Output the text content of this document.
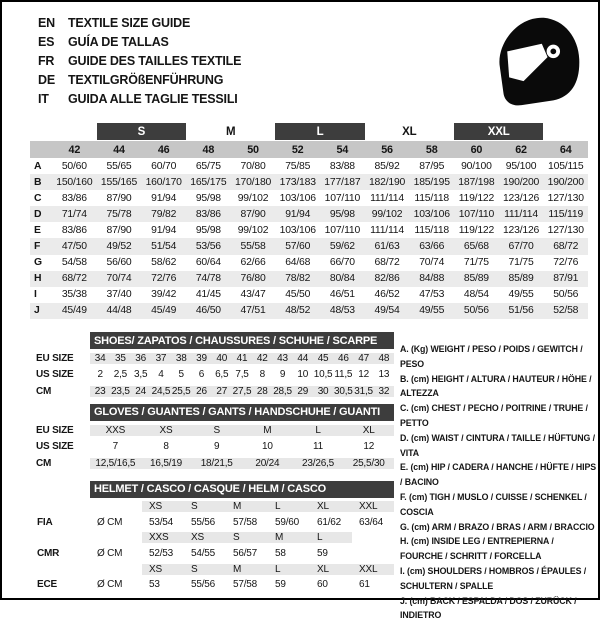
EN	TEXTILE SIZE GUIDE
ES	GUÍA DE TALLAS
FR	GUIDE DES TAILLES TEXTILE
DE	TEXTILGRÖßENFÜHRUNG
IT	GUIDA ALLE TAGLIE TESSILI
S	M	L	XL	XXL
42	44	46	48	50	52	54	56	58	60	62	64
A	50/60	55/65	60/70	65/75	70/80	75/85	83/88	85/92	87/95	90/100	95/100	105/115
B	150/160 155/165 160/170 165/175 170/180 173/183 177/187 182/190 185/195 187/198 190/200 190/200
C	83/86	87/90	91/94	95/98	99/102	103/106 107/110 111/114	115/118 119/122 123/126 127/130
D	71/74	75/78	79/82	83/86	87/90	91/94	95/98	99/102	103/106 107/110 111/114	115/119
E	83/86	87/90	91/94	95/98	99/102	103/106 107/110 111/114	115/118 119/122 123/126 127/130
F	47/50	49/52	51/54	53/56	55/58	57/60	59/62	61/63	63/66	65/68	67/70	68/72
G	54/58	56/60	58/62	60/64	62/66	64/68	66/70	68/72	70/74	71/75	71/75	72/76
H	68/72	70/74	72/76	74/78	76/80	78/82	80/84	82/86	84/88	85/89	85/89	87/91
I	35/38	37/40	39/42	41/45	43/47	45/50	46/51	46/52	47/53	48/54	49/55	50/56
J	45/49	44/48	45/49	46/50	47/51	48/52	48/53	49/54	49/55	50/56	51/56	52/58
SHOES/ ZAPATOS / CHAUSSURES / SCHUHE / SCARPE
EU SIZE	34 35 36 37 38 39 40 41 42 43 44 45 46 47 48
US SIZE	2	2,5 3,5	4	5	6	6,5 7,5	8	9	10 10,5 11,5 12 13
CM	23 23,5 24 24,5 25,5 26 27 27,5 28 28,5 29 30 30,5 31,5 32
GLOVES / GUANTES / GANTS / HANDSCHUHE / GUANTI
EU SIZE	XXS	XS	S	M	L	XL
US SIZE	7	8	9	10	11	12
CM	12,5/16,5	16,5/19	18/21,5	20/24	23/26,5	25,5/30
HELMET / CASCO / CASQUE / HELM / CASCO
XS	S	M	L	XL	XXL
FIA	Ø CM	53/54	55/56	57/58	59/60	61/62	63/64
XXS	XS	S	M	L
CMR	Ø CM	52/53	54/55	56/57	58	59
XS	S	M	L	XL	XXL
ECE	Ø CM	53	55/56	57/58	59	60	61
A. (Kg) WEIGHT / PESO / POIDS / GEWITCH / PESO
B. (cm) HEIGHT / ALTURA / HAUTEUR / HÖHE / ALTEZZA
C. (cm) CHEST / PECHO / POITRINE / TRUHE / PETTO
D. (cm) WAIST / CINTURA / TAILLE / HÜFTUNG / VITA
E. (cm) HIP / CADERA / HANCHE / HÜFTE / HIPS / BACINO
F. (cm) TIGH / MUSLO / CUISSE / SCHENKEL / COSCIA
G. (cm) ARM / BRAZO / BRAS / ARM / BRACCIO
H. (cm) INSIDE LEG / ENTREPIERNA / FOURCHE / SCHRITT / FORCELLA
I. (cm) SHOULDERS / HOMBROS / ÉPAULES / SCHULTERN / SPALLE
J. (cm) BACK / ESPALDA / DOS / ZURÜCK / INDIETRO
